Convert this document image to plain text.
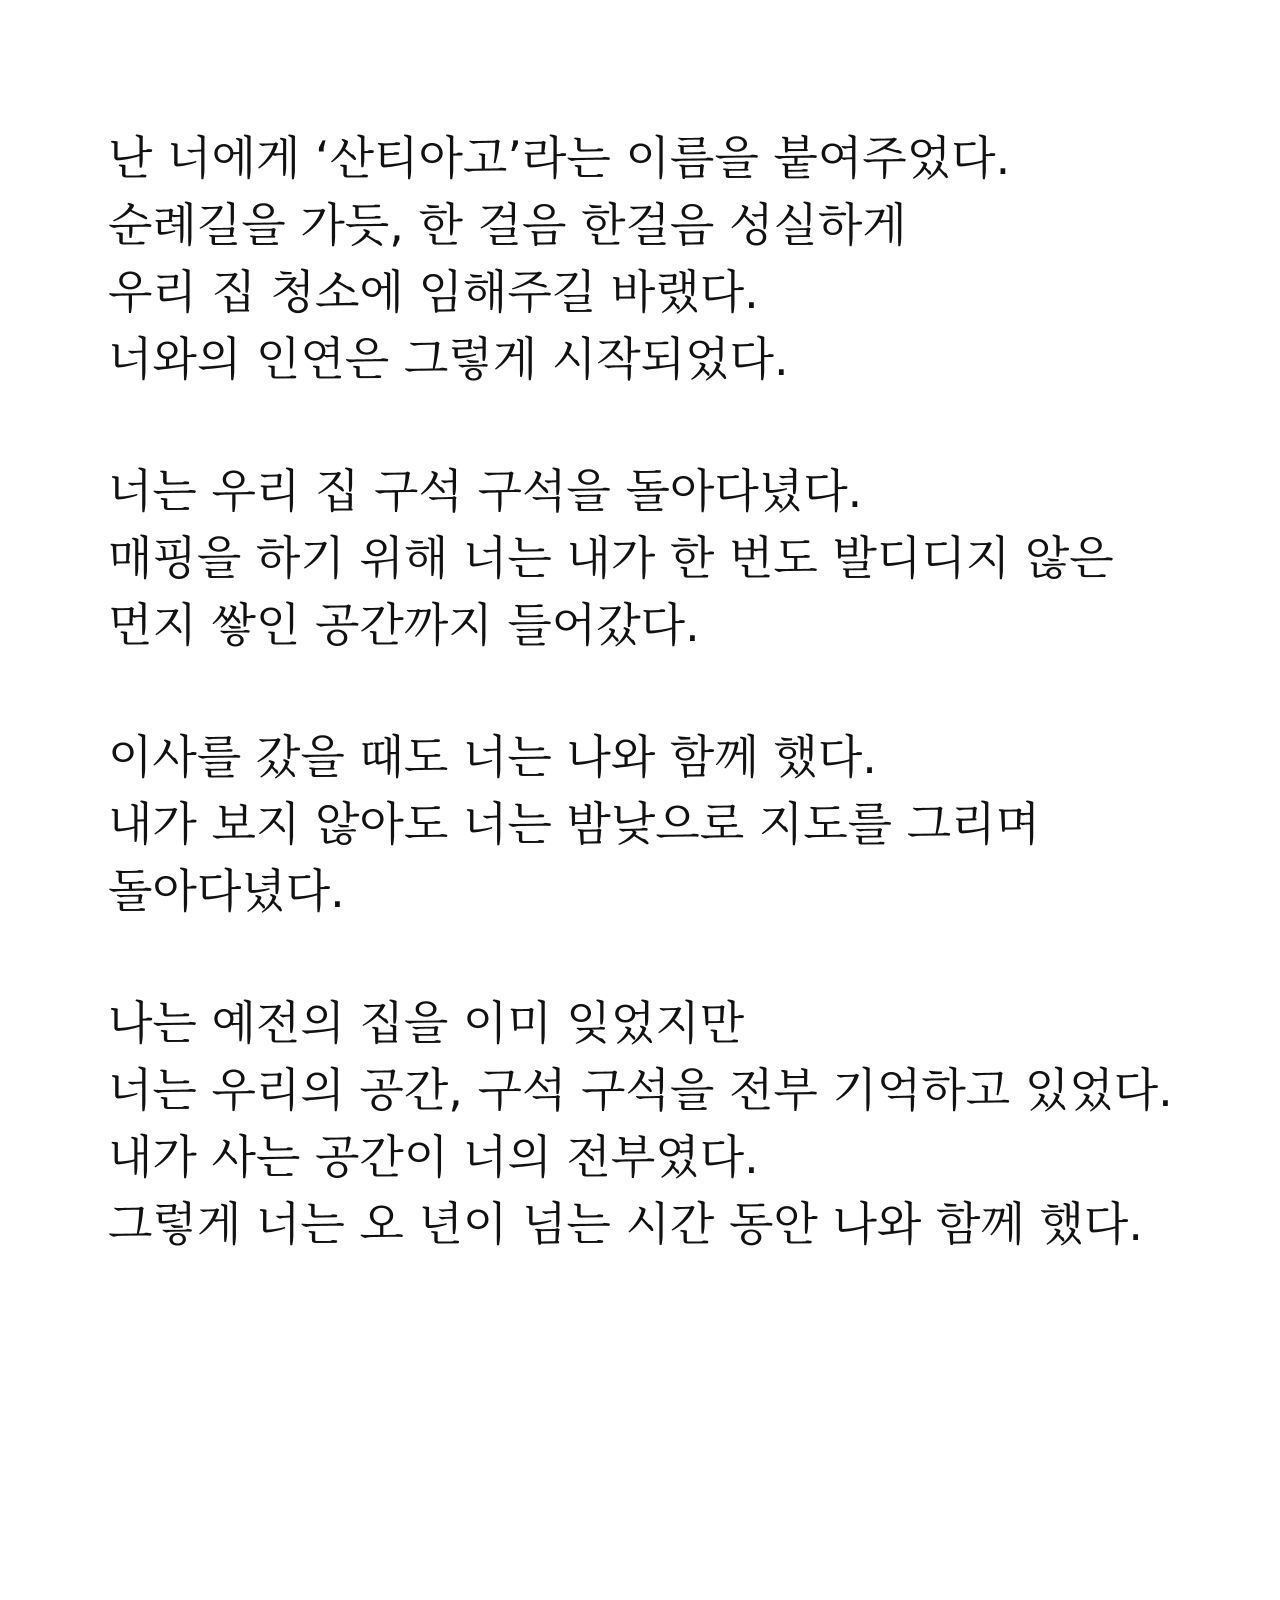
난 너에게 ‘산티아고’라는 이름을 붙여주었다.
순례길을 가듯, 한 걸음 한걸음 성실하게
우리 집 청소에 임해주길 바랬다.
너와의 인연은 그렇게 시작되었다.
너는 우리 집 구석 구석을 돌아다녔다.
매핑을 하기 위해 너는 내가 한 번도 발디디지 않은
먼지 쌓인 공간까지 들어갔다.
이사를 갔을 때도 너는 나와 함께 했다.
내가 보지 않아도 너는 밤낮으로 지도를 그리며
돌아다녔다.
나는 예전의 집을 이미 잊었지만
너는 우리의 공간, 구석 구석을 전부 기억하고 있었다.
내가 사는 공간이 너의 전부였다.
그렇게 너는 오 년이 넘는 시간 동안 나와 함께 했다.
